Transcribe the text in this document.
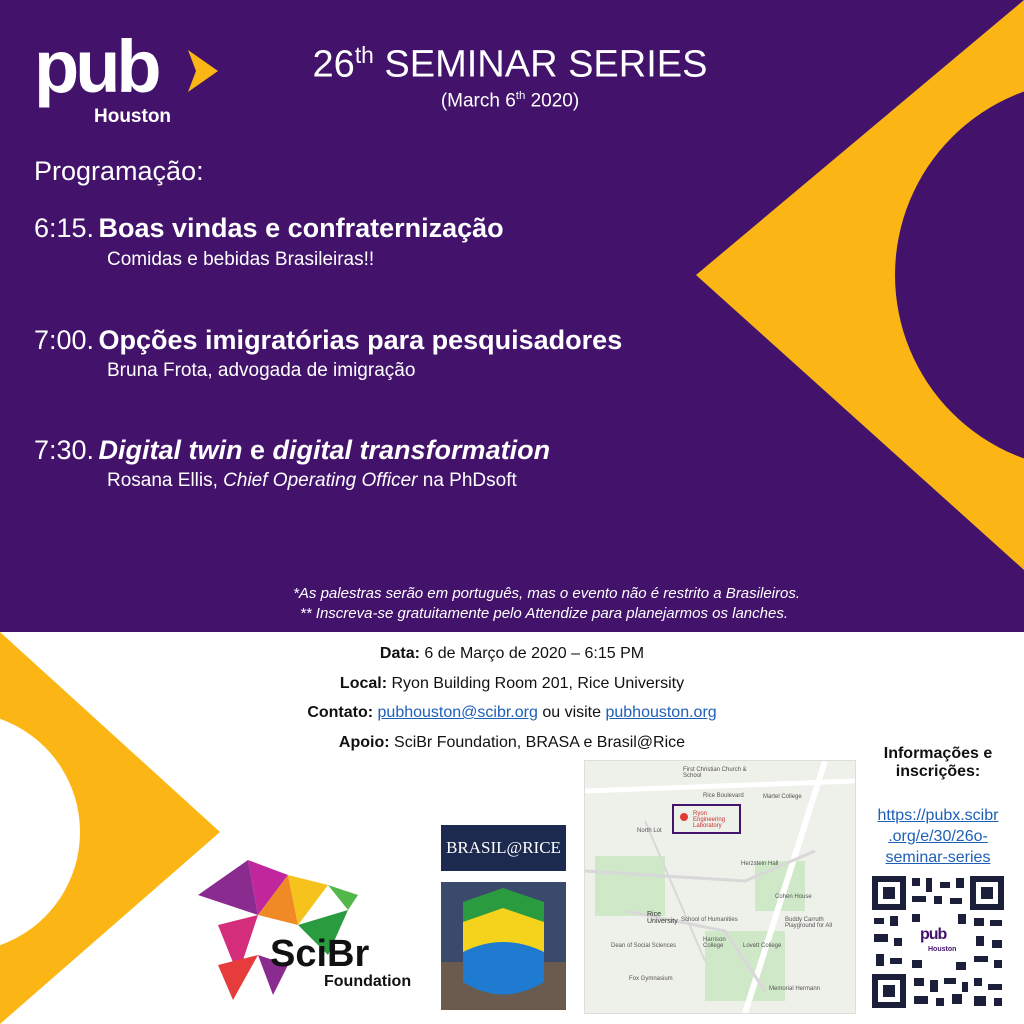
pub
Houston
26th SEMINAR SERIES
(March 6th 2020)
Programação:
6:15. Boas vindas e confraternização
Comidas e bebidas Brasileiras!!
7:00. Opções imigratórias para pesquisadores
Bruna Frota, advogada de imigração
7:30. Digital twin e digital transformation
Rosana Ellis, Chief Operating Officer na PhDsoft
*As palestras serão em português, mas o evento não é restrito a Brasileiros.
** Inscreva-se gratuitamente pelo Attendize para planejarmos os lanches.
Data: 6 de Março de 2020 – 6:15 PM
Local: Ryon Building Room 201, Rice University
Contato: pubhouston@scibr.org ou visite pubhouston.org
Apoio: SciBr Foundation, BRASA e Brasil@Rice
SciBr
Foundation
BRASIL@RICE
First Christian Church & School
Martel College
Ryon Engineering Laboratory
North Lot
Herzstein Hall
Cohen House
Rice University School of Humanities
Dean of Social Sciences
Harrison College	Lovett College
Fox Gymnasium
Memorial Hermann
Buddy Carruth Playground for All
Rice Boulevard
Informações e
inscrições:
https://pubx.scibr
.org/e/30/26o-
seminar-series
pub
Houston
